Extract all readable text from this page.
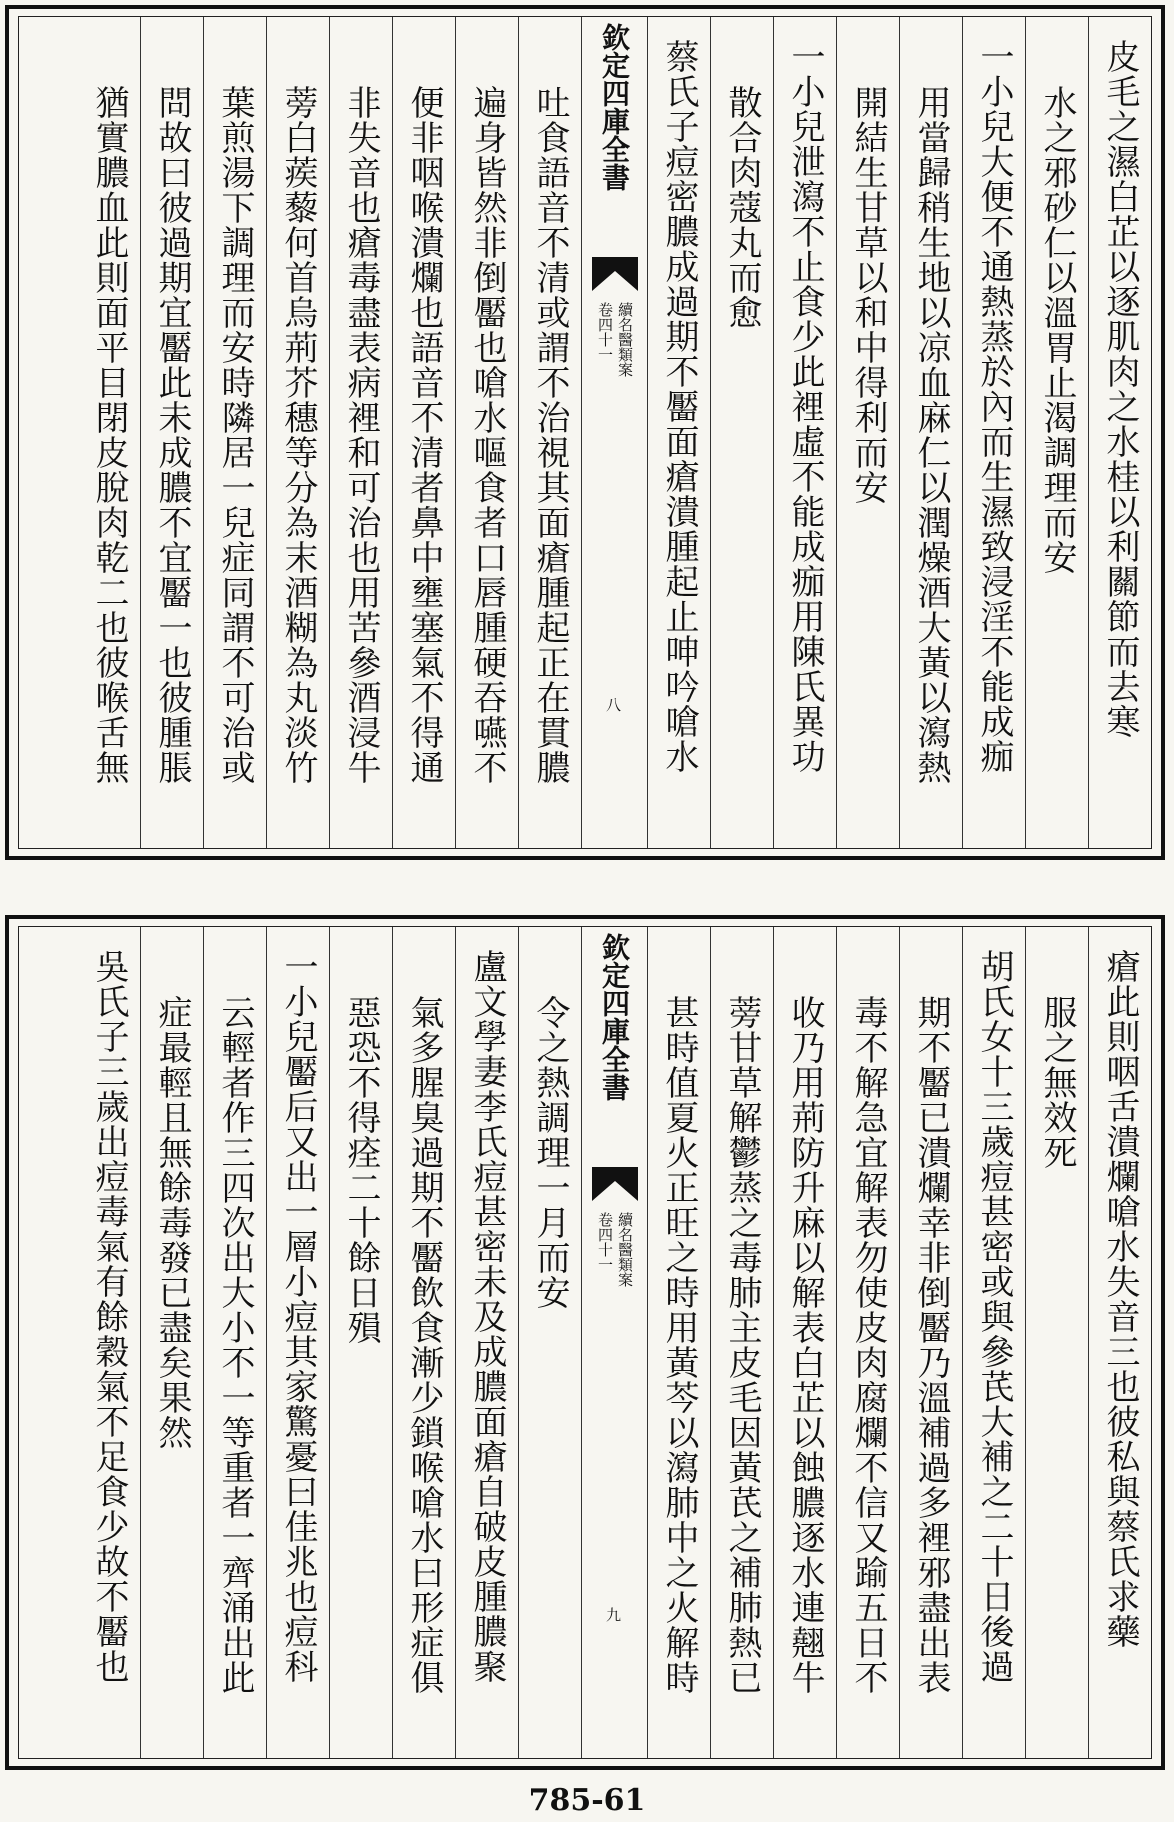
皮毛之濕白芷以逐肌肉之水桂以利關節而去寒
水之邪砂仁以溫胃止渴調理而安
一小兒大便不通熱蒸於內而生濕致浸淫不能成痂
用當歸稍生地以凉血麻仁以潤燥酒大黃以瀉熱
開結生甘草以和中得利而安
一小兒泄瀉不止食少此裡虛不能成痂用陳氏異功
散合肉蔻丸而愈
蔡氏子痘密膿成過期不靨面瘡潰腫起止呻吟嗆水
欽定四庫全書
續名醫類案
卷四十一
八
吐食語音不清或謂不治視其面瘡腫起正在貫膿
遍身皆然非倒靨也嗆水嘔食者口唇腫硬吞嚥不
便非咽喉潰爛也語音不清者鼻中壅塞氣不得通
非失音也瘡毒盡表病裡和可治也用苦參酒浸牛
蒡白蒺藜何首烏荊芥穗等分為末酒糊為丸淡竹
葉煎湯下調理而安時隣居一兒症同謂不可治或
問故曰彼過期宜靨此未成膿不宜靨一也彼腫脹
猶實膿血此則面平目閉皮脫肉乾二也彼喉舌無
瘡此則咽舌潰爛嗆水失音三也彼私與蔡氏求藥
服之無效死
胡氏女十三歲痘甚密或與參芪大補之二十日後過
期不靨已潰爛幸非倒靨乃溫補過多裡邪盡出表
毒不解急宜解表勿使皮肉腐爛不信又踰五日不
收乃用荊防升麻以解表白芷以蝕膿逐水連翹牛
蒡甘草解鬱蒸之毒肺主皮毛因黃芪之補肺熱已
甚時值夏火正旺之時用黃芩以瀉肺中之火解時
欽定四庫全書
續名醫類案
卷四十一
九
令之熱調理一月而安
盧文學妻李氏痘甚密未及成膿面瘡自破皮腫膿聚
氣多腥臭過期不靨飲食漸少鎖喉嗆水曰形症俱
惡恐不得痊二十餘日殞
一小兒靨后又出一層小痘其家驚憂曰佳兆也痘科
云輕者作三四次出大小不一等重者一齊涌出此
症最輕且無餘毒發已盡矣果然
吳氏子三歲出痘毒氣有餘穀氣不足食少故不靨也
785-61
